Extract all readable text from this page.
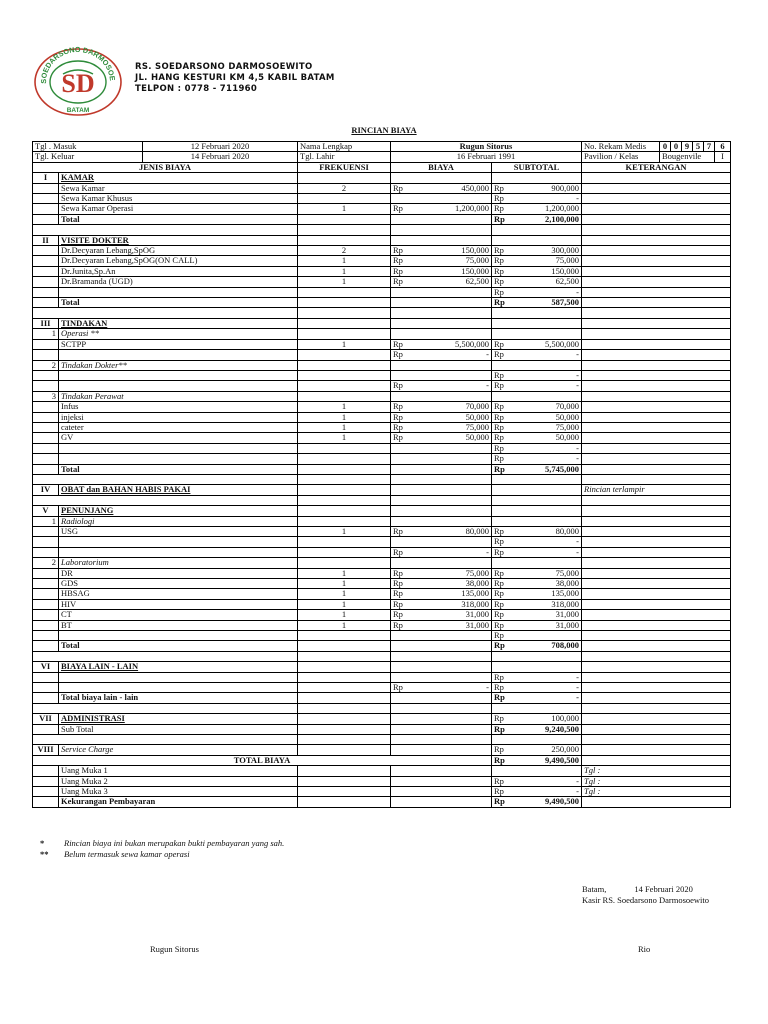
SOEDARSONO DARMOSOE
BATAM
SD
RS. SOEDARSONO DARMOSOEWITO
JL. HANG KESTURI KM 4,5 KABIL BATAM
TELPON : 0778 - 711960
RINCIAN BIAYA
Tgl . Masuk		12 Februari 2020	Nama Lengkap	Rugun Sitorus				No. Rekam Medis	0	0	9	5	7	6
Tgl. Keluar		14 Februari 2020	Tgl. Lahir	16 Februari 1991				Pavilion / Kelas	Bougenvile					I
JENIS BIAYA			FREKUENSI	BIAYA		SUBTOTAL		KETERANGAN						
I	KAMAR													
	Sewa Kamar		2	Rp	450,000	Rp	900,000							
	Sewa Kamar Khusus					Rp	-							
	Sewa Kamar Operasi		1	Rp	1,200,000	Rp	1,200,000							
	Total					Rp	2,100,000							

II	VISITE DOKTER													
	Dr.Decyaran Lebang,SpOG		2	Rp	150,000	Rp	300,000							
	Dr.Decyaran Lebang,SpOG(ON CALL)		1	Rp	75,000	Rp	75,000							
	Dr.Junita,Sp.An		1	Rp	150,000	Rp	150,000							
	Dr.Bramanda (UGD)		1	Rp	62,500	Rp	62,500							
						Rp	-							
	Total					Rp	587,500							

III	TINDAKAN													
1	Operasi **													
	SCTPP		1	Rp	5,500,000	Rp	5,500,000							
				Rp	-	Rp	-							
2	Tindakan Dokter**													
						Rp	-							
				Rp	-	Rp	-							
3	Tindakan Perawat													
	Infus		1	Rp	70,000	Rp	70,000							
	injeksi		1	Rp	50,000	Rp	50,000							
	cateter		1	Rp	75,000	Rp	75,000							
	GV		1	Rp	50,000	Rp	50,000							
						Rp	-							
						Rp	-							
	Total					Rp	5,745,000							

IV	OBAT dan BAHAN HABIS PAKAI							Rincian terlampir						

V	PENUNJANG													
1	Radiologi													
	USG		1	Rp	80,000	Rp	80,000							
						Rp	-							
				Rp	-	Rp	-							
2	Laboratorium													
	DR		1	Rp	75,000	Rp	75,000							
	GDS		1	Rp	38,000	Rp	38,000							
	HBSAG		1	Rp	135,000	Rp	135,000							
	HIV		1	Rp	318,000	Rp	318,000							
	CT		1	Rp	31,000	Rp	31,000							
	BT		1	Rp	31,000	Rp	31,000							
						Rp								
	Total					Rp	708,000							

VI	BIAYA LAIN - LAIN													
						Rp	-							
				Rp	-	Rp	-							
	Total biaya lain - lain					Rp	-							

VII	ADMINISTRASI					Rp	100,000							
	Sub Total					Rp	9,240,500							

VIII	Service Charge					Rp	250,000							
TOTAL BIAYA						Rp	9,490,500							
	Uang Muka 1							Tgl :						
	Uang Muka 2					Rp	-	Tgl :						
	Uang Muka 3					Rp	-	Tgl :						
	Kekurangan Pembayaran					Rp	9,490,500							
* Rincian biaya ini bukan merupakan bukti pembayaran yang sah.
** Belum termasuk sewa kamar operasi
Batam,	14 Februari 2020
Kasir RS. Soedarsono Darmosoewito
Rugun Sitorus	Rio
